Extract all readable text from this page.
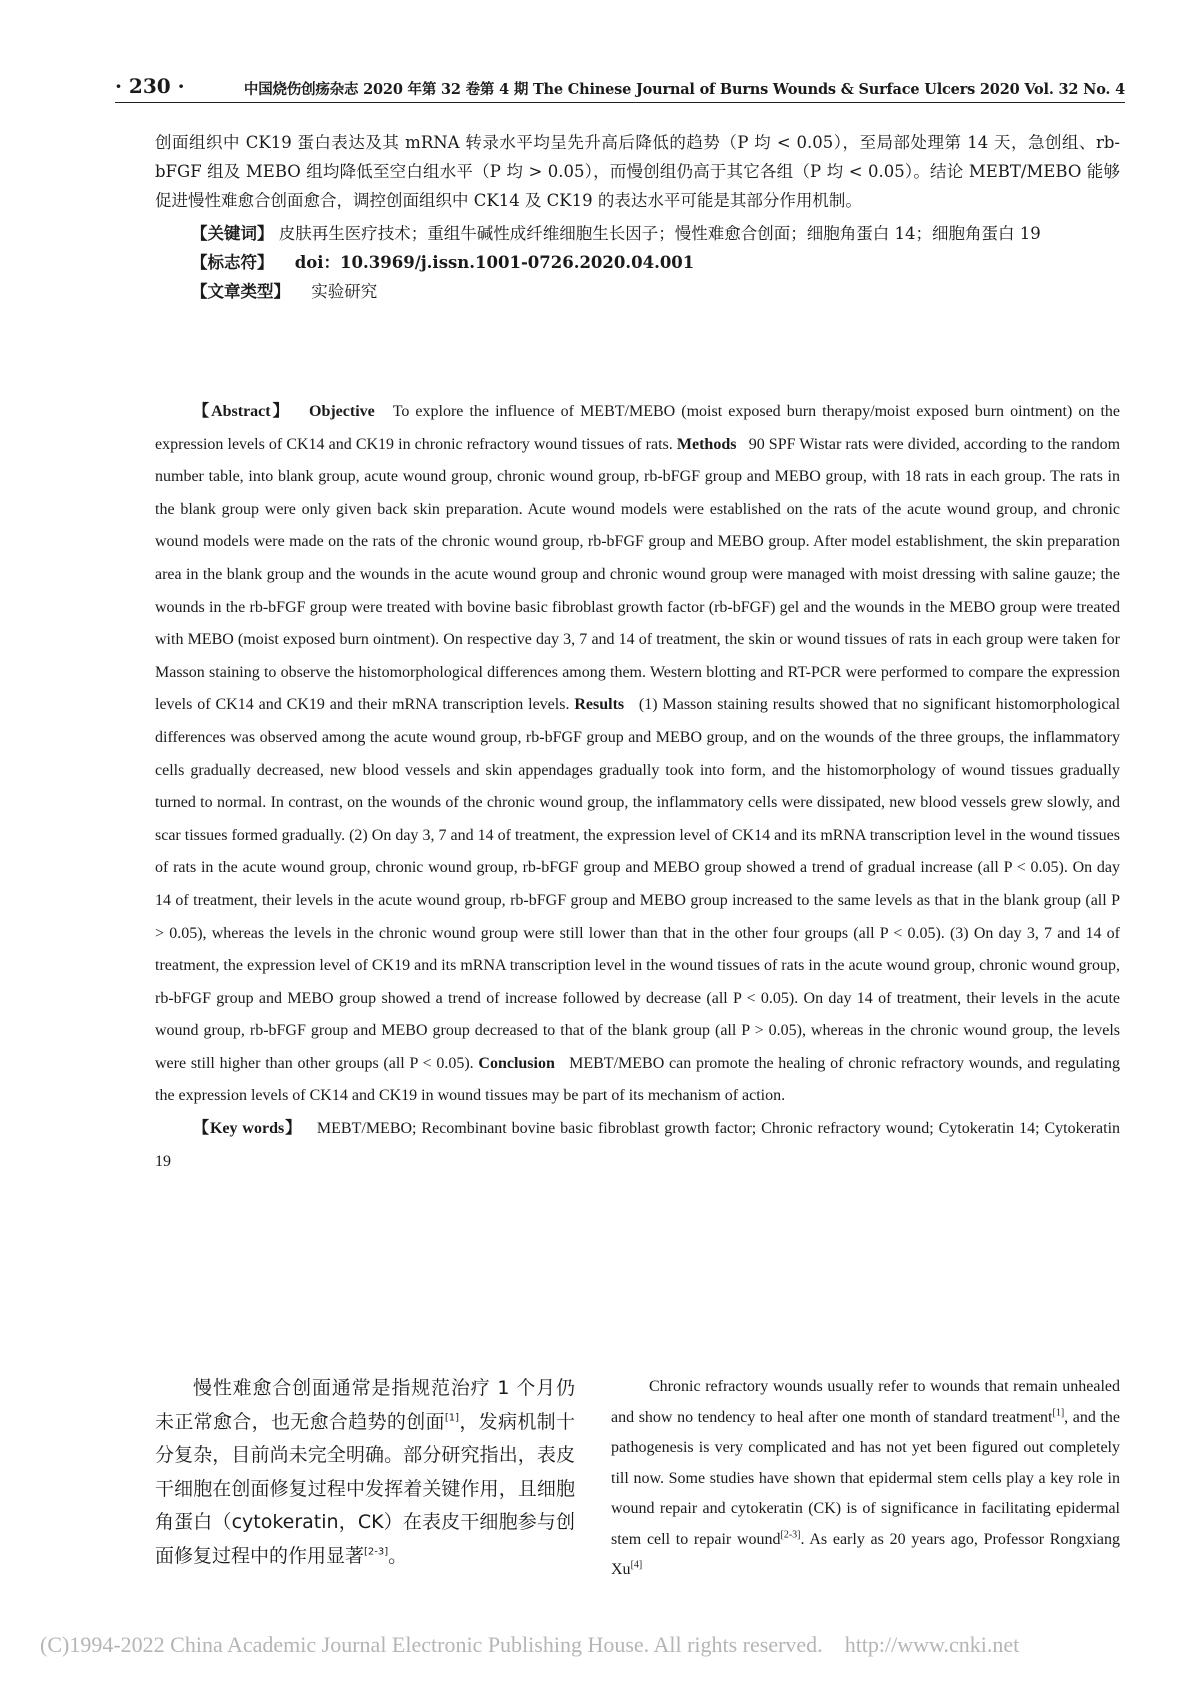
· 230 ·	中国烧伤创疡杂志 2020 年第 32 卷第 4 期 The Chinese Journal of Burns Wounds & Surface Ulcers 2020 Vol. 32 No. 4

创面组织中 CK19 蛋白表达及其 mRNA 转录水平均呈先升高后降低的趋势（P 均 < 0.05），至局部处理第 14 天，急创组、rb-bFGF 组及 MEBO 组均降低至空白组水平（P 均 > 0.05），而慢创组仍高于其它各组（P 均 < 0.05）。结论 MEBT/MEBO 能够促进慢性难愈合创面愈合，调控创面组织中 CK14 及 CK19 的表达水平可能是其部分作用机制。

【关键词】 皮肤再生医疗技术；重组牛碱性成纤维细胞生长因子；慢性难愈合创面；细胞角蛋白 14；细胞角蛋白 19

【标志符】 doi：10.3969/j.issn.1001-0726.2020.04.001

【文章类型】 实验研究

【Abstract】 Objective To explore the influence of MEBT/MEBO (moist exposed burn therapy/moist exposed burn ointment) on the expression levels of CK14 and CK19 in chronic refractory wound tissues of rats. Methods 90 SPF Wistar rats were divided, according to the random number table, into blank group, acute wound group, chronic wound group, rb-bFGF group and MEBO group, with 18 rats in each group. The rats in the blank group were only given back skin preparation. Acute wound models were established on the rats of the acute wound group, and chronic wound models were made on the rats of the chronic wound group, rb-bFGF group and MEBO group. After model establishment, the skin preparation area in the blank group and the wounds in the acute wound group and chronic wound group were managed with moist dressing with saline gauze; the wounds in the rb-bFGF group were treated with bovine basic fibroblast growth factor (rb-bFGF) gel and the wounds in the MEBO group were treated with MEBO (moist exposed burn ointment). On respective day 3, 7 and 14 of treatment, the skin or wound tissues of rats in each group were taken for Masson staining to observe the histomorphological differences among them. Western blotting and RT-PCR were performed to compare the expression levels of CK14 and CK19 and their mRNA transcription levels. Results (1) Masson staining results showed that no significant histomorphological differences was observed among the acute wound group, rb-bFGF group and MEBO group, and on the wounds of the three groups, the inflammatory cells gradually decreased, new blood vessels and skin appendages gradually took into form, and the histomorphology of wound tissues gradually turned to normal. In contrast, on the wounds of the chronic wound group, the inflammatory cells were dissipated, new blood vessels grew slowly, and scar tissues formed gradually. (2) On day 3, 7 and 14 of treatment, the expression level of CK14 and its mRNA transcription level in the wound tissues of rats in the acute wound group, chronic wound group, rb-bFGF group and MEBO group showed a trend of gradual increase (all P < 0.05). On day 14 of treatment, their levels in the acute wound group, rb-bFGF group and MEBO group increased to the same levels as that in the blank group (all P > 0.05), whereas the levels in the chronic wound group were still lower than that in the other four groups (all P < 0.05). (3) On day 3, 7 and 14 of treatment, the expression level of CK19 and its mRNA transcription level in the wound tissues of rats in the acute wound group, chronic wound group, rb-bFGF group and MEBO group showed a trend of increase followed by decrease (all P < 0.05). On day 14 of treatment, their levels in the acute wound group, rb-bFGF group and MEBO group decreased to that of the blank group (all P > 0.05), whereas in the chronic wound group, the levels were still higher than other groups (all P < 0.05). Conclusion MEBT/MEBO can promote the healing of chronic refractory wounds, and regulating the expression levels of CK14 and CK19 in wound tissues may be part of its mechanism of action.

【Key words】 MEBT/MEBO; Recombinant bovine basic fibroblast growth factor; Chronic refractory wound; Cytokeratin 14; Cytokeratin 19

慢性难愈合创面通常是指规范治疗 1 个月仍未正常愈合，也无愈合趋势的创面[1]，发病机制十分复杂，目前尚未完全明确。部分研究指出，表皮干细胞在创面修复过程中发挥着关键作用，且细胞角蛋白（cytokeratin，CK）在表皮干细胞参与创面修复过程中的作用显著[2-3]。

Chronic refractory wounds usually refer to wounds that remain unhealed and show no tendency to heal after one month of standard treatment[1], and the pathogenesis is very complicated and has not yet been figured out completely till now. Some studies have shown that epidermal stem cells play a key role in wound repair and cytokeratin (CK) is of significance in facilitating epidermal stem cell to repair wound[2-3]. As early as 20 years ago, Professor Rongxiang Xu[4]

(C)1994-2022 China Academic Journal Electronic Publishing House. All rights reserved. http://www.cnki.net
